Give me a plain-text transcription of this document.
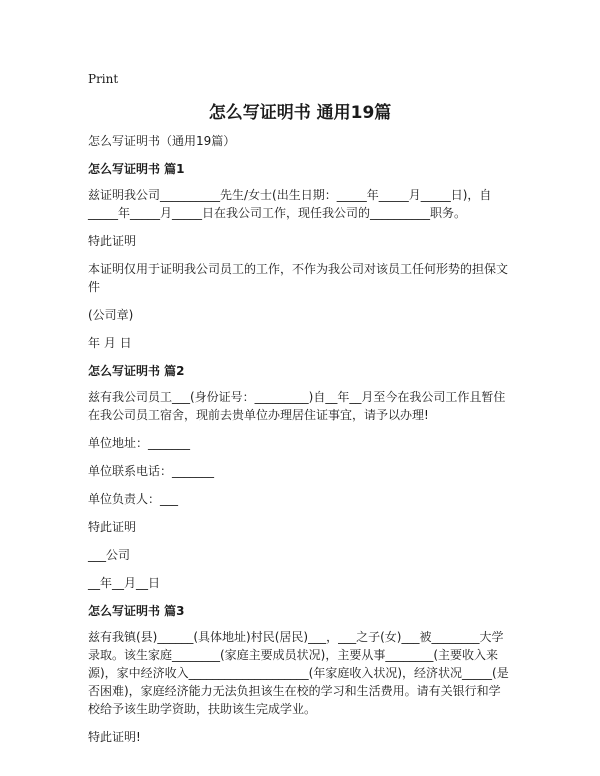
Print
怎么写证明书 通用19篇
怎么写证明书（通用19篇）
怎么写证明书 篇1
兹证明我公司__________先生/女士(出生日期：_____年_____月_____日)，自_____年_____月_____日在我公司工作，现任我公司的__________职务。
特此证明
本证明仅用于证明我公司员工的工作，不作为我公司对该员工任何形势的担保文件
(公司章)
年 月 日
怎么写证明书 篇2
兹有我公司员工___(身份证号：_________)自__年__月至今在我公司工作且暂住在我公司员工宿舍，现前去贵单位办理居住证事宜，请予以办理!
单位地址：_______
单位联系电话：_______
单位负责人：___
特此证明
___公司
__年__月__日
怎么写证明书 篇3
兹有我镇(县)______(具体地址)村民(居民)___，___之子(女)___被________大学录取。该生家庭________(家庭主要成员状况)，主要从事________(主要收入来源)，家中经济收入____________________(年家庭收入状况)，经济状况_____(是否困难)，家庭经济能力无法负担该生在校的学习和生活费用。请有关银行和学校给予该生助学资助，扶助该生完成学业。
特此证明!
